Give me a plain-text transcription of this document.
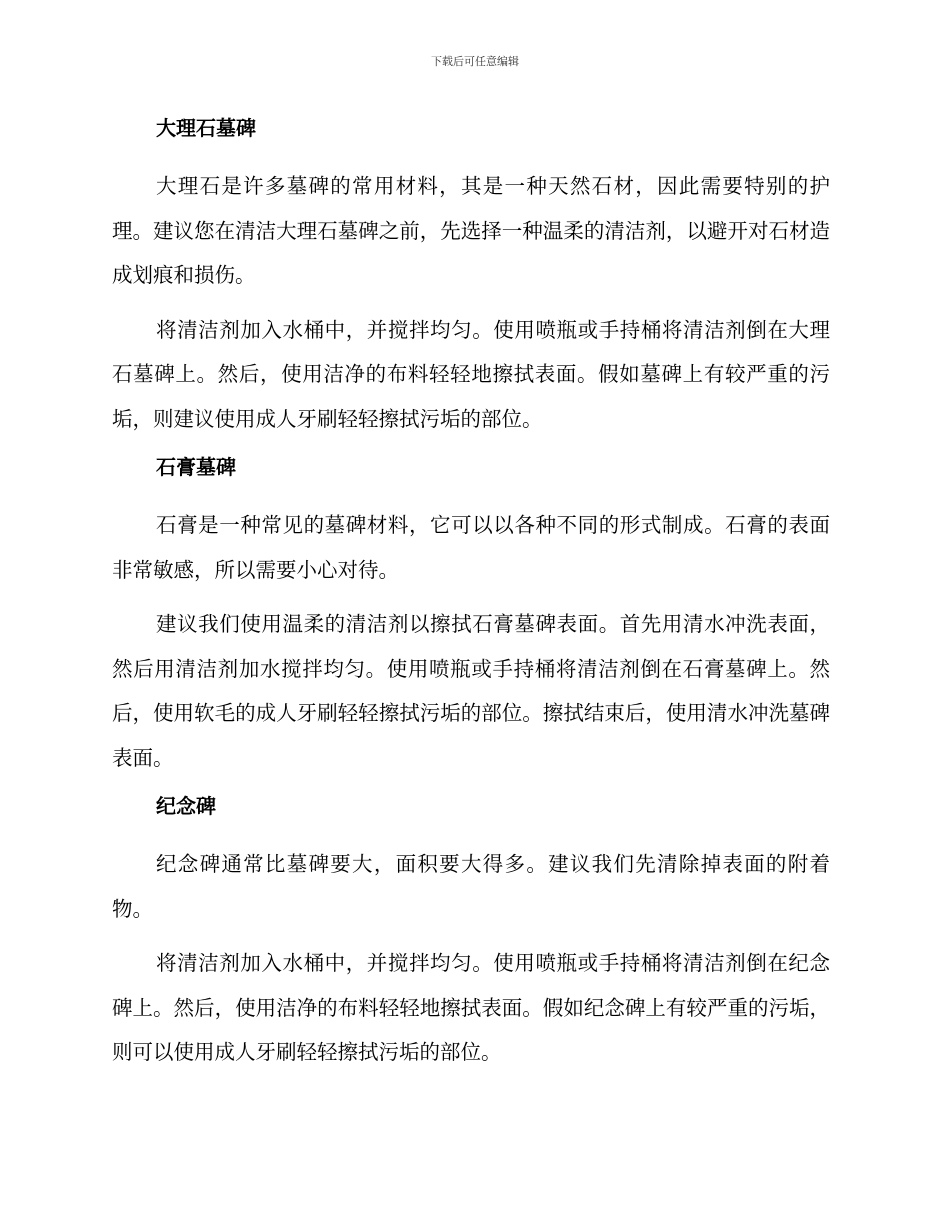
下载后可任意编辑
大理石墓碑

大理石是许多墓碑的常用材料，其是一种天然石材，因此需要特别的护理。建议您在清洁大理石墓碑之前，先选择一种温柔的清洁剂，以避开对石材造成划痕和损伤。

将清洁剂加入水桶中，并搅拌均匀。使用喷瓶或手持桶将清洁剂倒在大理石墓碑上。然后，使用洁净的布料轻轻地擦拭表面。假如墓碑上有较严重的污垢，则建议使用成人牙刷轻轻擦拭污垢的部位。

石膏墓碑

石膏是一种常见的墓碑材料，它可以以各种不同的形式制成。石膏的表面非常敏感，所以需要小心对待。

建议我们使用温柔的清洁剂以擦拭石膏墓碑表面。首先用清水冲洗表面，然后用清洁剂加水搅拌均匀。使用喷瓶或手持桶将清洁剂倒在石膏墓碑上。然后，使用软毛的成人牙刷轻轻擦拭污垢的部位。擦拭结束后，使用清水冲洗墓碑表面。

纪念碑

纪念碑通常比墓碑要大，面积要大得多。建议我们先清除掉表面的附着物。

将清洁剂加入水桶中，并搅拌均匀。使用喷瓶或手持桶将清洁剂倒在纪念碑上。然后，使用洁净的布料轻轻地擦拭表面。假如纪念碑上有较严重的污垢，则可以使用成人牙刷轻轻擦拭污垢的部位。
